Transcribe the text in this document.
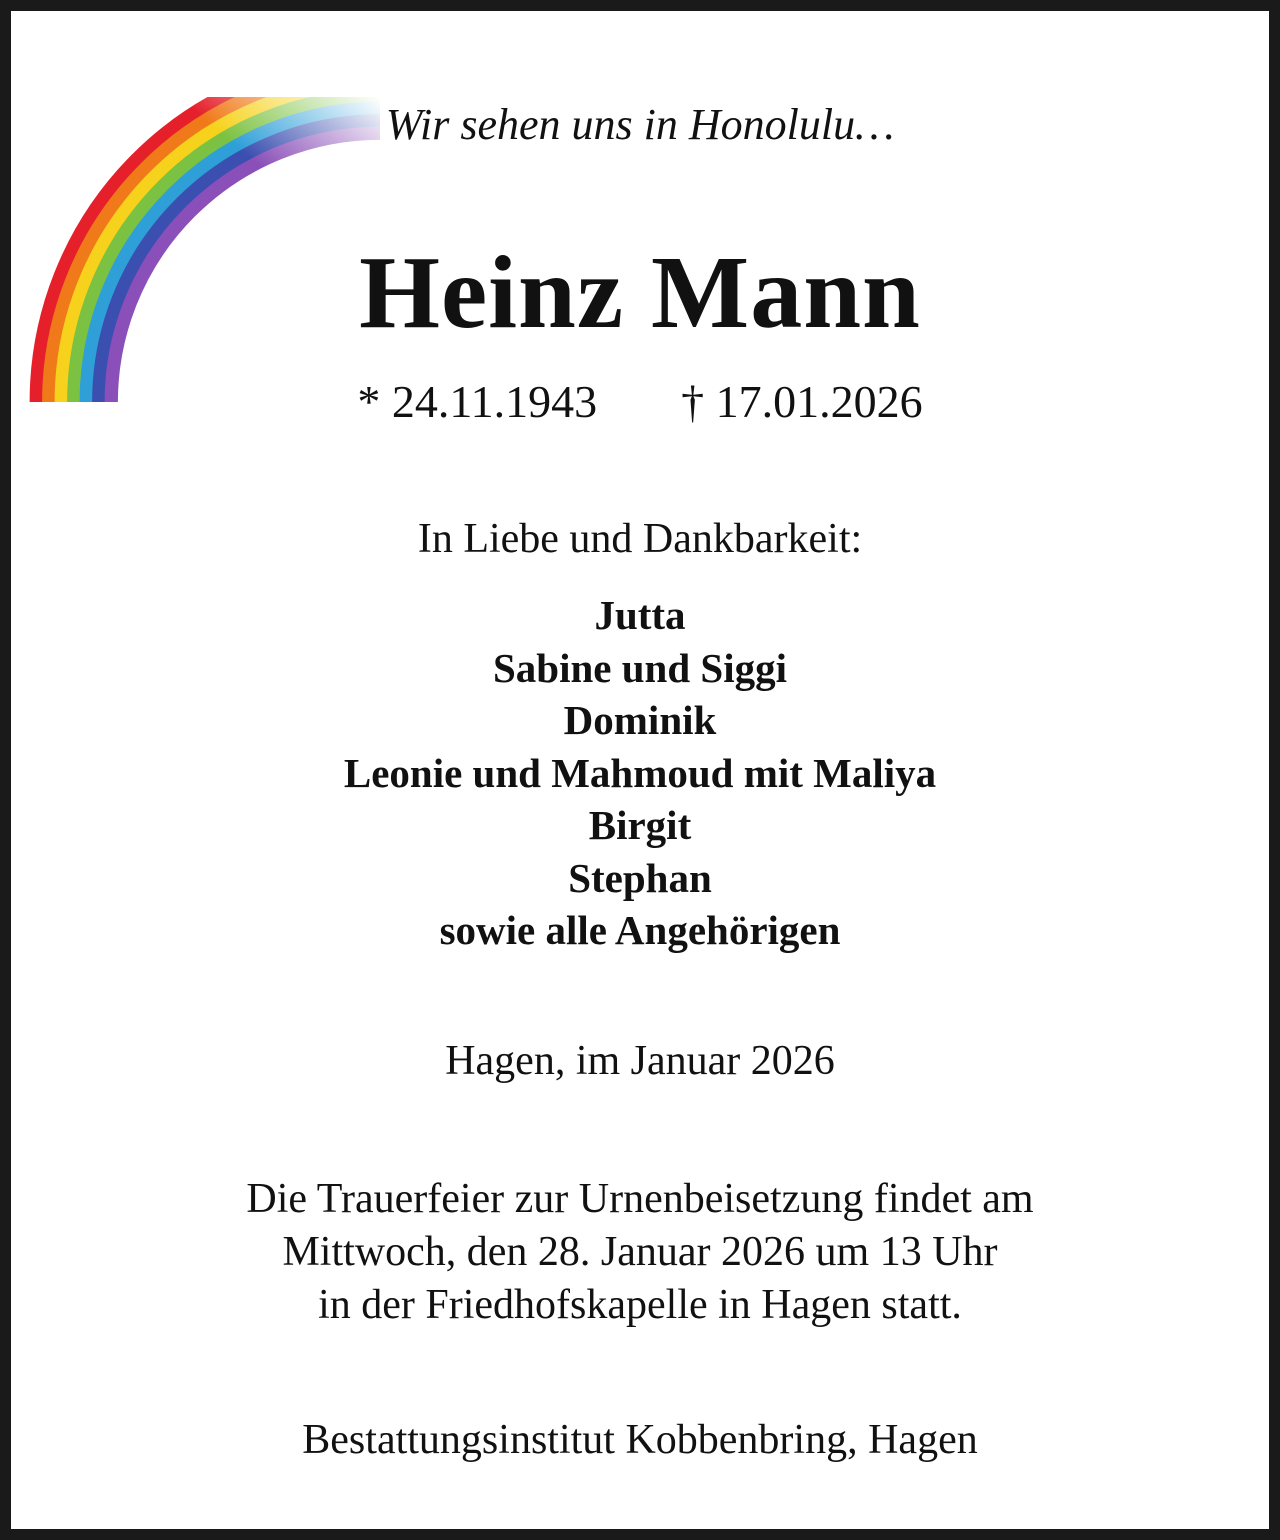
Wir sehen uns in Honolulu…
Heinz Mann
* 24.11.1943 † 17.01.2026
In Liebe und Dankbarkeit:
Jutta
Sabine und Siggi
Dominik
Leonie und Mahmoud mit Maliya
Birgit
Stephan
sowie alle Angehörigen
Hagen, im Januar 2026
Die Trauerfeier zur Urnenbeisetzung findet am
Mittwoch, den 28. Januar 2026 um 13 Uhr
in der Friedhofskapelle in Hagen statt.
Bestattungsinstitut Kobbenbring, Hagen
